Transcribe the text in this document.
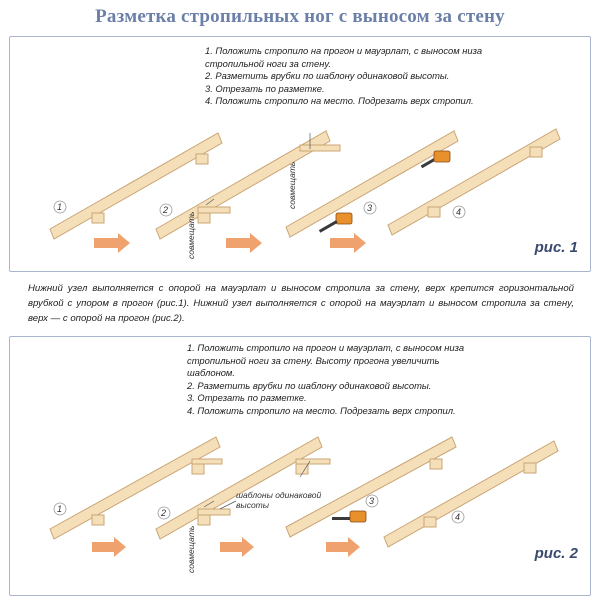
Разметка стропильных ног с выносом за стену
1. Положить стропило на прогон и мауэрлат, с выносом низа
стропильной ноги за стену.
2. Разметить врубки по шаблону одинаковой высоты.
3. Отрезать по разметке.
4. Положить стропило на место. Подрезать верх стропил.
1	2
совмещать
совмещать	3	4
рис. 1
Нижний узел выполняется с опорой на мауэрлат и выносом стропила за стену, верх крепится горизонтальной врубкой с упором в прогон (рис.1). Нижний узел выполняется с опорой на мауэрлат и выносом стропила за стену, верх — с опорой на прогон (рис.2).
1. Положить стропило на прогон и мауэрлат, с выносом низа
стропильной ноги за стену. Высоту прогона увеличить
шаблоном.
2. Разметить врубки по шаблону одинаковой высоты.
3. Отрезать по разметке.
4. Положить стропило на место. Подрезать верх стропил.
1	2
совмещать
шаблоны одинаковой
высоты	3
4
рис. 2
